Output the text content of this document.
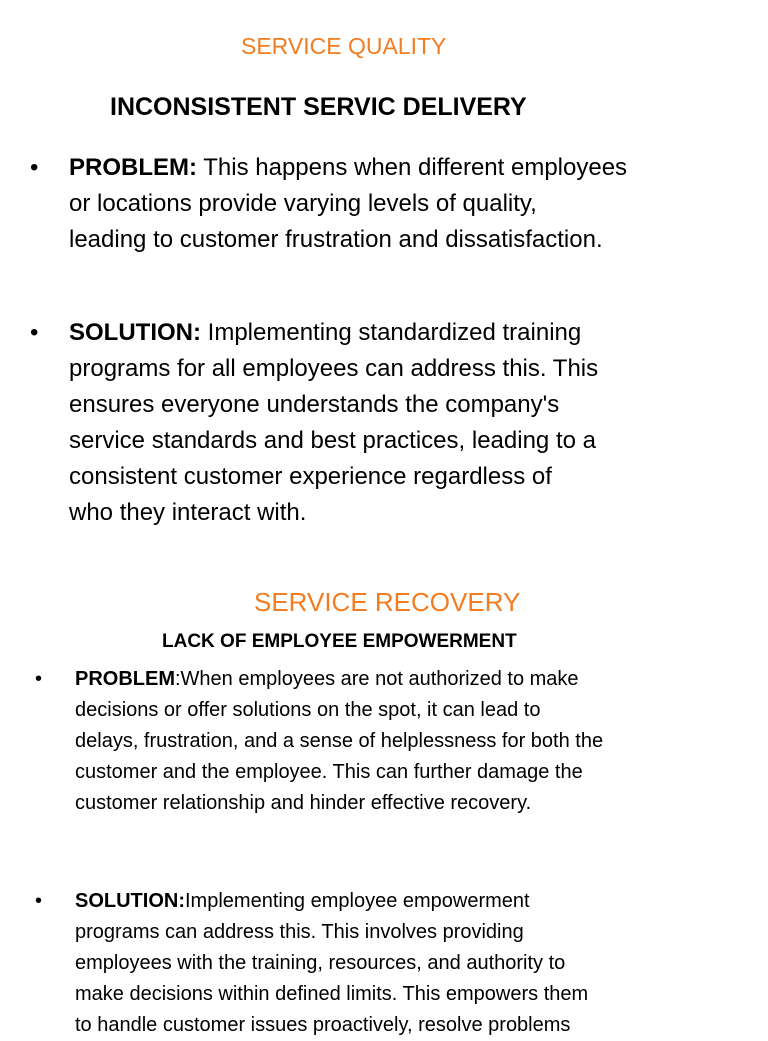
SERVICE QUALITY
INCONSISTENT SERVIC DELIVERY
• PROBLEM: This happens when different employees
or locations provide varying levels of quality,
leading to customer frustration and dissatisfaction.
• SOLUTION: Implementing standardized training
programs for all employees can address this. This
ensures everyone understands the company's
service standards and best practices, leading to a
consistent customer experience regardless of
who they interact with.
SERVICE RECOVERY
LACK OF EMPLOYEE EMPOWERMENT
• PROBLEM:When employees are not authorized to make
decisions or offer solutions on the spot, it can lead to
delays, frustration, and a sense of helplessness for both the
customer and the employee. This can further damage the
customer relationship and hinder effective recovery.
• SOLUTION:Implementing employee empowerment
programs can address this. This involves providing
employees with the training, resources, and authority to
make decisions within defined limits. This empowers them
to handle customer issues proactively, resolve problems
